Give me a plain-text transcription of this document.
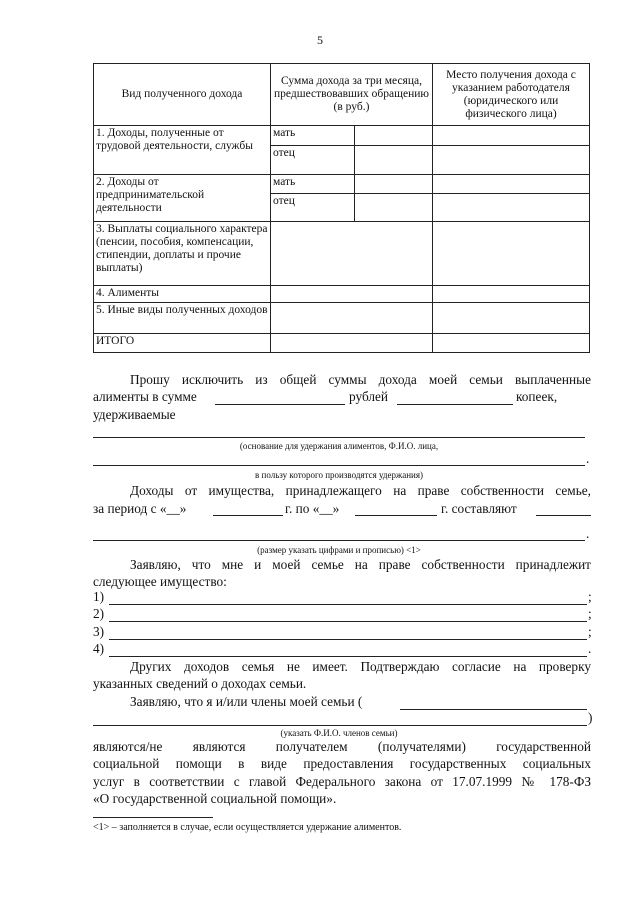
5
Вид полученного дохода	Сумма дохода за три месяца, предшествовавших обращению (в руб.)		Место получения дохода с указанием работодателя (юридического или физического лица)
1. Доходы, полученные от трудовой деятельности, службы	мать		
	отец		
2. Доходы от предпринимательской деятельности	мать		
	отец		
3. Выплаты социального характера (пенсии, пособия, компенсации, стипендии, доплаты и прочие выплаты)			
4. Алименты			
5. Иные виды полученных доходов			
ИТОГО			
Прошу исключить из общей суммы дохода моей семьи выплаченные
алименты в сумме	рублей	копеек,
удерживаемые
(основание для удержания алиментов, Ф.И.О. лица,
.
в пользу которого производятся удержания)
Доходы от имущества, принадлежащего на праве собственности семье,
за период с «__»	г. по «__»	г. составляют
.
(размер указать цифрами и прописью) <1>
Заявляю, что мне и моей семье на праве собственности принадлежит
следующее имущество:
1)	;
2)	;
3)	;
4)	.
Других доходов семья не имеет. Подтверждаю согласие на проверку
указанных сведений о доходах семьи.
Заявляю, что я и/или члены моей семьи (
)
(указать Ф.И.О. членов семьи)
являются/не являются получателем (получателями) государственной
социальной помощи в виде предоставления государственных социальных
услуг в соответствии с главой Федерального закона от 17.07.1999 № 178-ФЗ
«О государственной социальной помощи».
<1> – заполняется в случае, если осуществляется удержание алиментов.
